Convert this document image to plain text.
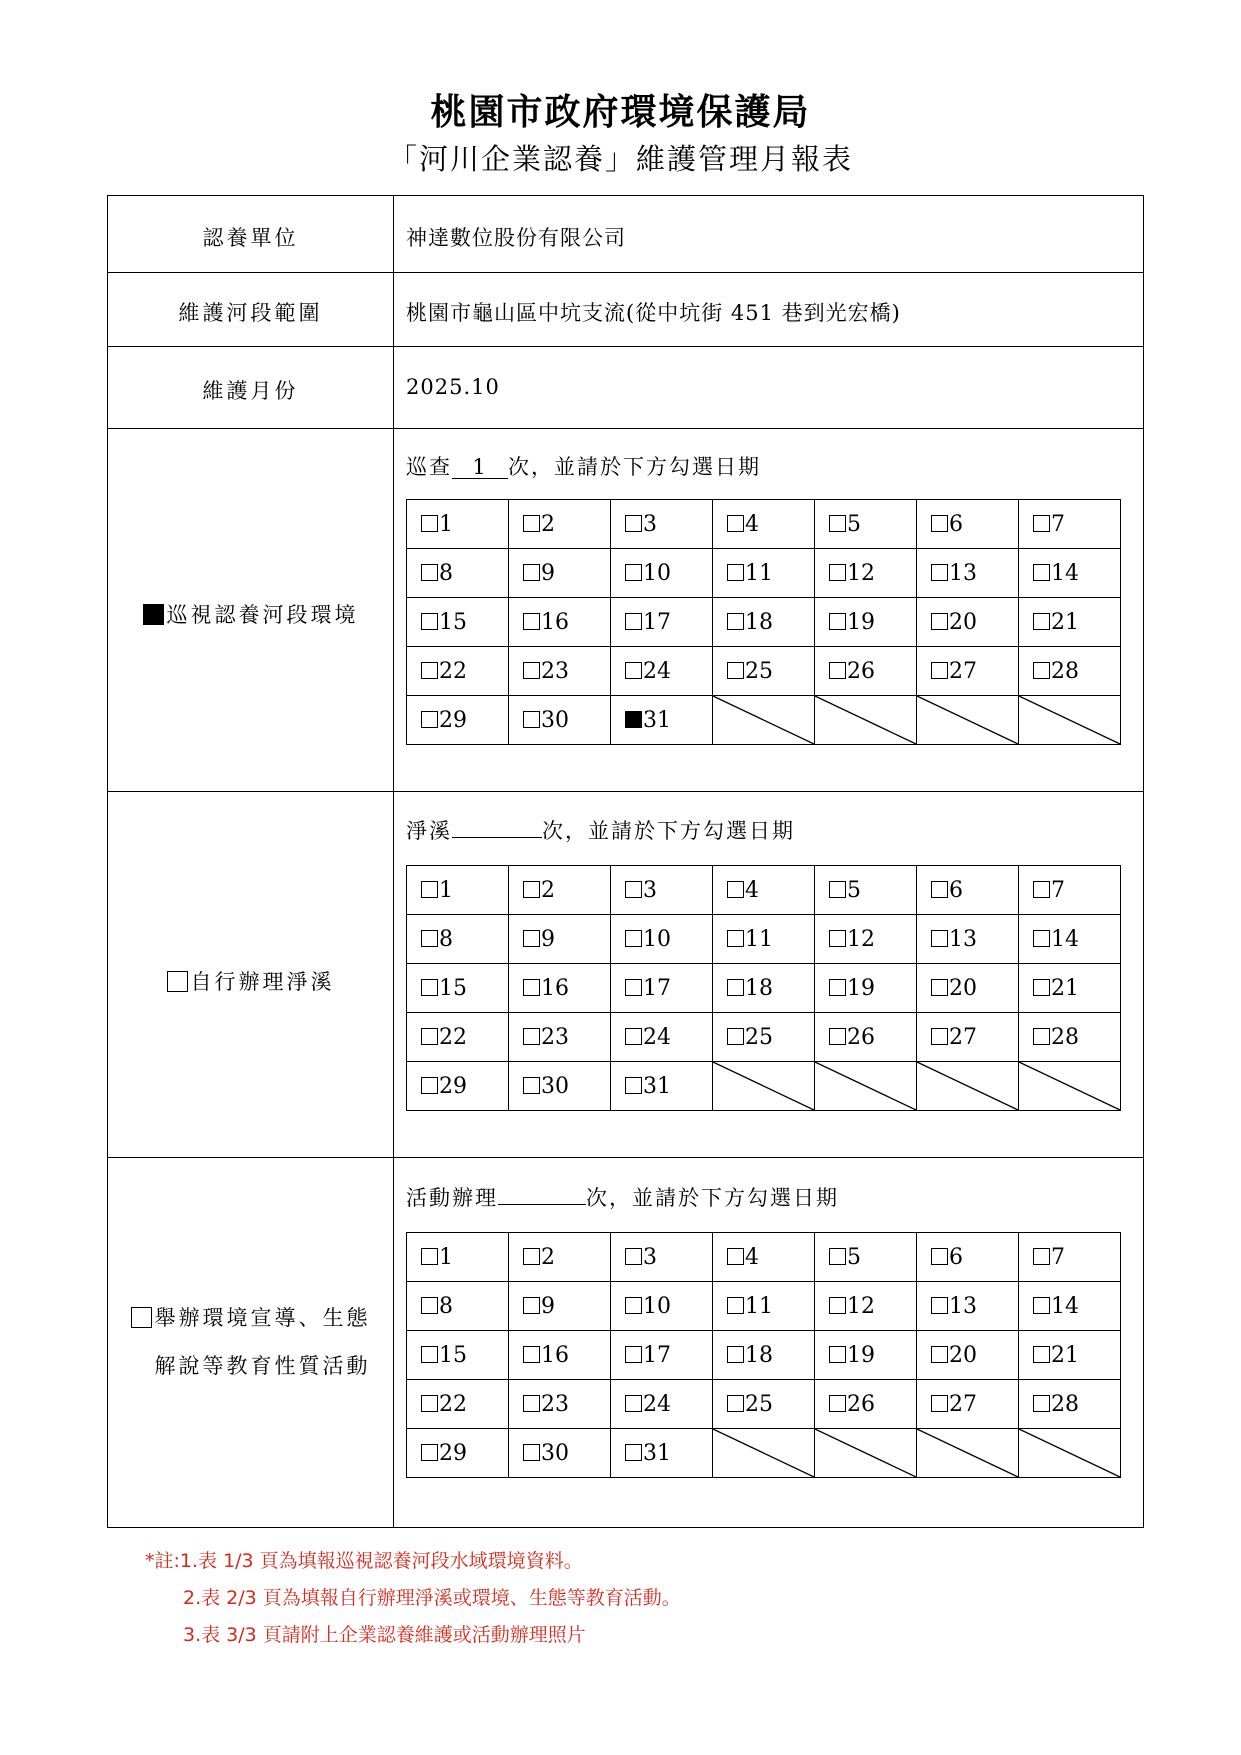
桃園市政府環境保護局
「河川企業認養」維護管理月報表
認養單位	神達數位股份有限公司
維護河段範圍	桃園市龜山區中坑支流(從中坑街 451 巷到光宏橋)
維護月份	2025.10
巡視認養河段環境
巡查 1 次，並請於下方勾選日期
1	2	3	4	5	6	7
8	9	10	11	12	13	14
15	16	17	18	19	20	21
22	23	24	25	26	27	28
29	30	31	

自行辦理淨溪
淨溪	次，並請於下方勾選日期
1	2	3	4	5	6	7
8	9	10	11	12	13	14
15	16	17	18	19	20	21
22	23	24	25	26	27	28
29	30	31	

舉辦環境宣導、生態

解說等教育性質活動
活動辦理	次，並請於下方勾選日期
1	2	3	4	5	6	7
8	9	10	11	12	13	14
15	16	17	18	19	20	21
22	23	24	25	26	27	28
29	30	31	

*註:1.表 1/3 頁為填報巡視認養河段水域環境資料。
2.表 2/3 頁為填報自行辦理淨溪或環境、生態等教育活動。
3.表 3/3 頁請附上企業認養維護或活動辦理照片
